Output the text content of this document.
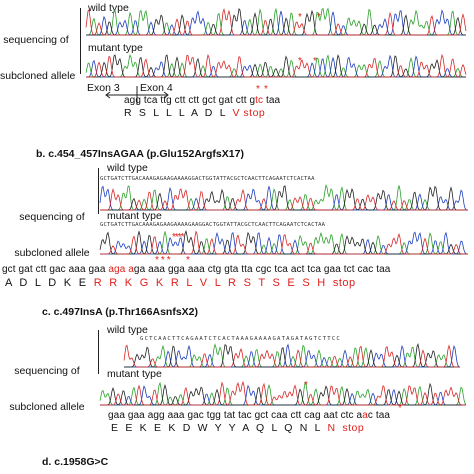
sequencing of

subcloned allele

wild type
* *
mutant type
* *
Exon 3 Exon 4	* *
agg tca ttg ctt ctt gct gat ctt gtc taa
R  S  L  L  L  A  D  L  V stop
b. c.454_457InsAGAA (p.Glu152ArgfsX17)

sequencing of

subcloned allele

wild type
GCTGATCTTGACAAAGAGAAGAAAAGGACTGGTATTACGCTCAACTTCAGAATCTCACTAA
mutant type
GCTGATCTTGACAAAGAGAAGAAAAGAAGGACTGGTATTACGCTCAACTTCAGAATCTCACTAA
****
*** *
gct gat ctt gac aaa gaa aga aga aaa gga aaa ctg gta tta cgc tca act tca gaa tct cac taa
A  D  L  D  K  E  R  R  K  G  K  R  L  V  L  R  S  T  S  E  S  H  stop
c. c.497InsA (p.Thr166AsnfsX2)

sequencing of

subcloned allele

wild type
GCTCAACTTCAGAATCTCACTAAAGAAAAGATAGATAGTCTTCC
mutant type
*
*
gaa gaa agg aaa gac tgg tat tac gct caa ctt cag aat ctc aac taa
E  E  K  E  K  D  W  Y  Y  A  Q  L  Q  N  L  N  stop
d. c.1958G>C
